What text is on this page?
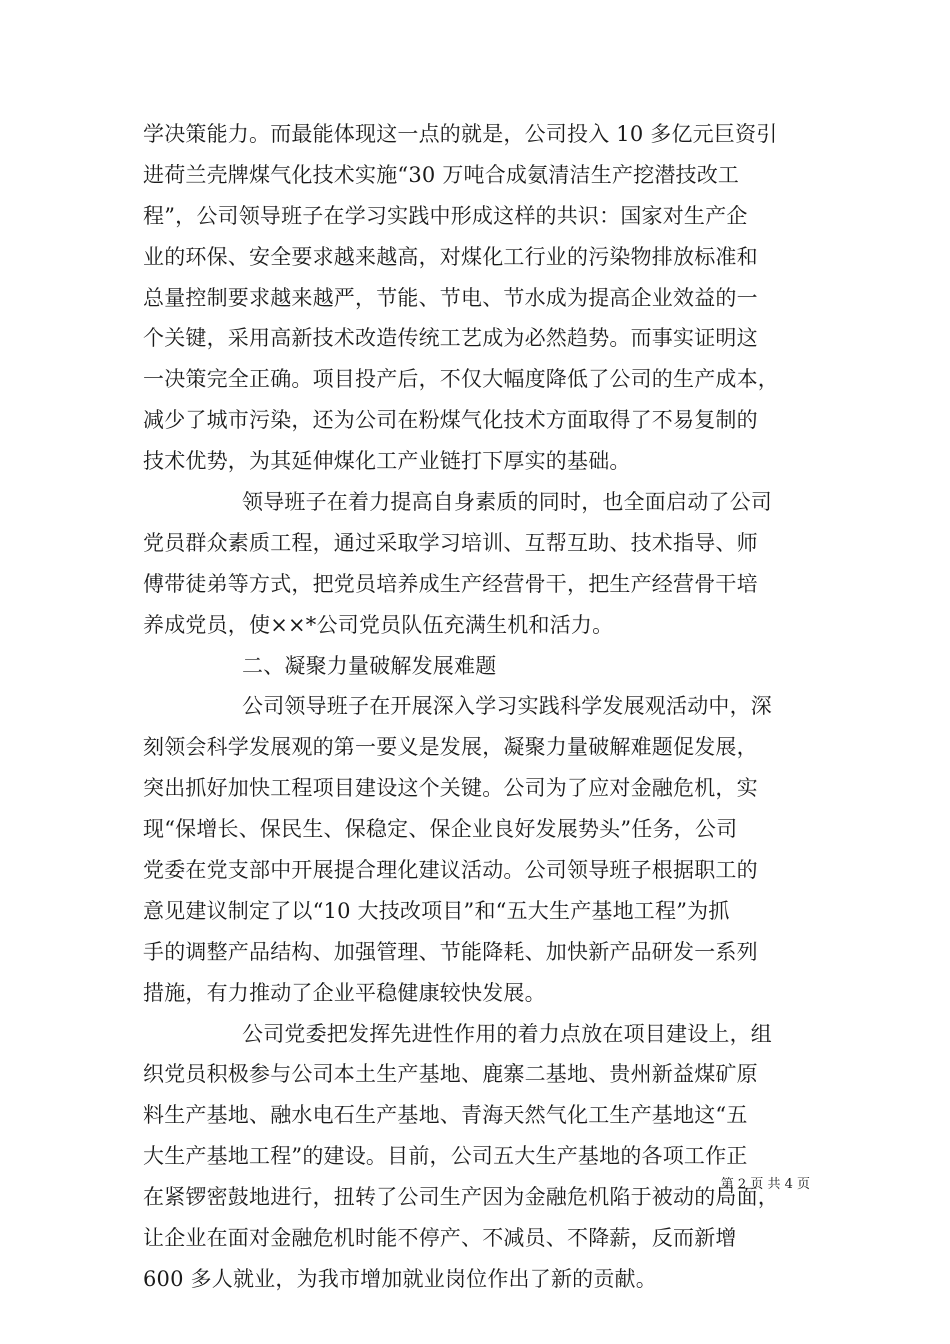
学决策能力。而最能体现这一点的就是，公司投入 10 多亿元巨资引
进荷兰壳牌煤气化技术实施“30 万吨合成氨清洁生产挖潜技改工
程”，公司领导班子在学习实践中形成这样的共识：国家对生产企
业的环保、安全要求越来越高，对煤化工行业的污染物排放标准和
总量控制要求越来越严，节能、节电、节水成为提高企业效益的一
个关键，采用高新技术改造传统工艺成为必然趋势。而事实证明这
一决策完全正确。项目投产后，不仅大幅度降低了公司的生产成本，
减少了城市污染，还为公司在粉煤气化技术方面取得了不易复制的
技术优势，为其延伸煤化工产业链打下厚实的基础。
领导班子在着力提高自身素质的同时，也全面启动了公司
党员群众素质工程，通过采取学习培训、互帮互助、技术指导、师
傅带徒弟等方式，把党员培养成生产经营骨干，把生产经营骨干培
养成党员，使××*公司党员队伍充满生机和活力。
二、凝聚力量破解发展难题
公司领导班子在开展深入学习实践科学发展观活动中，深
刻领会科学发展观的第一要义是发展，凝聚力量破解难题促发展，
突出抓好加快工程项目建设这个关键。公司为了应对金融危机，实
现“保增长、保民生、保稳定、保企业良好发展势头”任务，公司
党委在党支部中开展提合理化建议活动。公司领导班子根据职工的
意见建议制定了以“10 大技改项目”和“五大生产基地工程”为抓
手的调整产品结构、加强管理、节能降耗、加快新产品研发一系列
措施，有力推动了企业平稳健康较快发展。
公司党委把发挥先进性作用的着力点放在项目建设上，组
织党员积极参与公司本土生产基地、鹿寨二基地、贵州新益煤矿原
料生产基地、融水电石生产基地、青海天然气化工生产基地这“五
大生产基地工程”的建设。目前，公司五大生产基地的各项工作正
在紧锣密鼓地进行，扭转了公司生产因为金融危机陷于被动的局面，
让企业在面对金融危机时能不停产、不减员、不降薪，反而新增
600 多人就业，为我市增加就业岗位作出了新的贡献。
第 2 页 共 4 页
